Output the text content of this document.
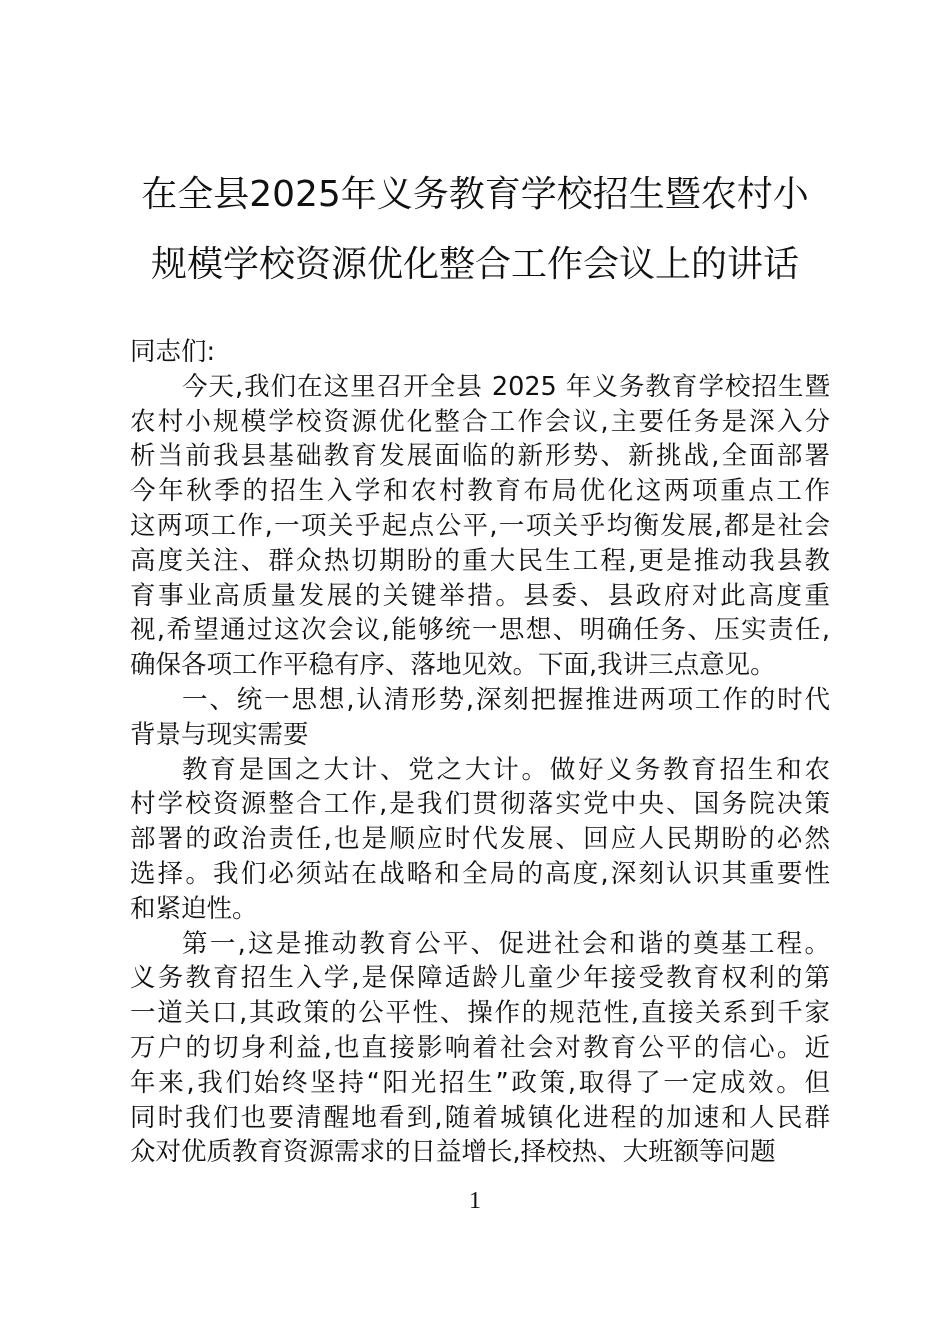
在全县2025年义务教育学校招生暨农村小
规模学校资源优化整合工作会议上的讲话
同志们:
今天,我们在这里召开全县 2025 年义务教育学校招生暨
农村小规模学校资源优化整合工作会议,主要任务是深入分
析当前我县基础教育发展面临的新形势、新挑战,全面部署
今年秋季的招生入学和农村教育布局优化这两项重点工作
这两项工作,一项关乎起点公平,一项关乎均衡发展,都是社会
高度关注、群众热切期盼的重大民生工程,更是推动我县教
育事业高质量发展的关键举措。县委、县政府对此高度重
视,希望通过这次会议,能够统一思想、明确任务、压实责任,
确保各项工作平稳有序、落地见效。下面,我讲三点意见。
一、统一思想,认清形势,深刻把握推进两项工作的时代
背景与现实需要
教育是国之大计、党之大计。做好义务教育招生和农
村学校资源整合工作,是我们贯彻落实党中央、国务院决策
部署的政治责任,也是顺应时代发展、回应人民期盼的必然
选择。我们必须站在战略和全局的高度,深刻认识其重要性
和紧迫性。
第一,这是推动教育公平、促进社会和谐的奠基工程。
义务教育招生入学,是保障适龄儿童少年接受教育权利的第
一道关口,其政策的公平性、操作的规范性,直接关系到千家
万户的切身利益,也直接影响着社会对教育公平的信心。近
年来,我们始终坚持“阳光招生”政策,取得了一定成效。但
同时我们也要清醒地看到,随着城镇化进程的加速和人民群
众对优质教育资源需求的日益增长,择校热、大班额等问题
1
